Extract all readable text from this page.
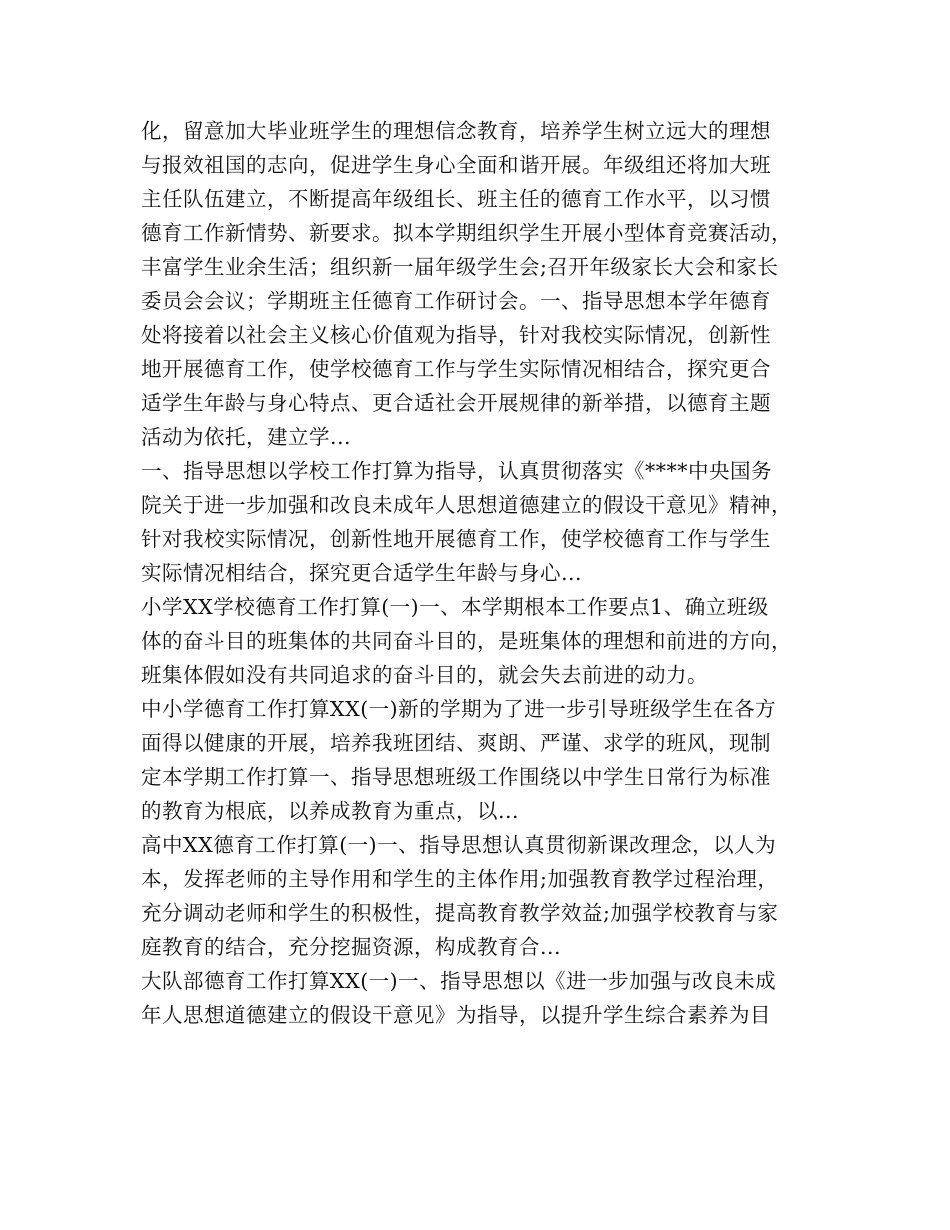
化，留意加大毕业班学生的理想信念教育，培养学生树立远大的理想
与报效祖国的志向，促进学生身心全面和谐开展。年级组还将加大班
主任队伍建立，不断提高年级组长、班主任的德育工作水平，以习惯
德育工作新情势、新要求。拟本学期组织学生开展小型体育竞赛活动，
丰富学生业余生活；组织新一届年级学生会;召开年级家长大会和家长
委员会会议；学期班主任德育工作研讨会。一、指导思想本学年德育
处将接着以社会主义核心价值观为指导，针对我校实际情况，创新性
地开展德育工作，使学校德育工作与学生实际情况相结合，探究更合
适学生年龄与身心特点、更合适社会开展规律的新举措，以德育主题
活动为依托，建立学...
一、指导思想以学校工作打算为指导，认真贯彻落实《****中央国务
院关于进一步加强和改良未成年人思想道德建立的假设干意见》精神，
针对我校实际情况，创新性地开展德育工作，使学校德育工作与学生
实际情况相结合，探究更合适学生年龄与身心...
小学XX学校德育工作打算(一)一、本学期根本工作要点1、确立班级
体的奋斗目的班集体的共同奋斗目的，是班集体的理想和前进的方向，
班集体假如没有共同追求的奋斗目的，就会失去前进的动力。
中小学德育工作打算XX(一)新的学期为了进一步引导班级学生在各方
面得以健康的开展，培养我班团结、爽朗、严谨、求学的班风，现制
定本学期工作打算一、指导思想班级工作围绕以中学生日常行为标准
的教育为根底，以养成教育为重点，以...
高中XX德育工作打算(一)一、指导思想认真贯彻新课改理念，以人为
本，发挥老师的主导作用和学生的主体作用;加强教育教学过程治理，
充分调动老师和学生的积极性，提高教育教学效益;加强学校教育与家
庭教育的结合，充分挖掘资源，构成教育合...
大队部德育工作打算XX(一)一、指导思想以《进一步加强与改良未成
年人思想道德建立的假设干意见》为指导，以提升学生综合素养为目
